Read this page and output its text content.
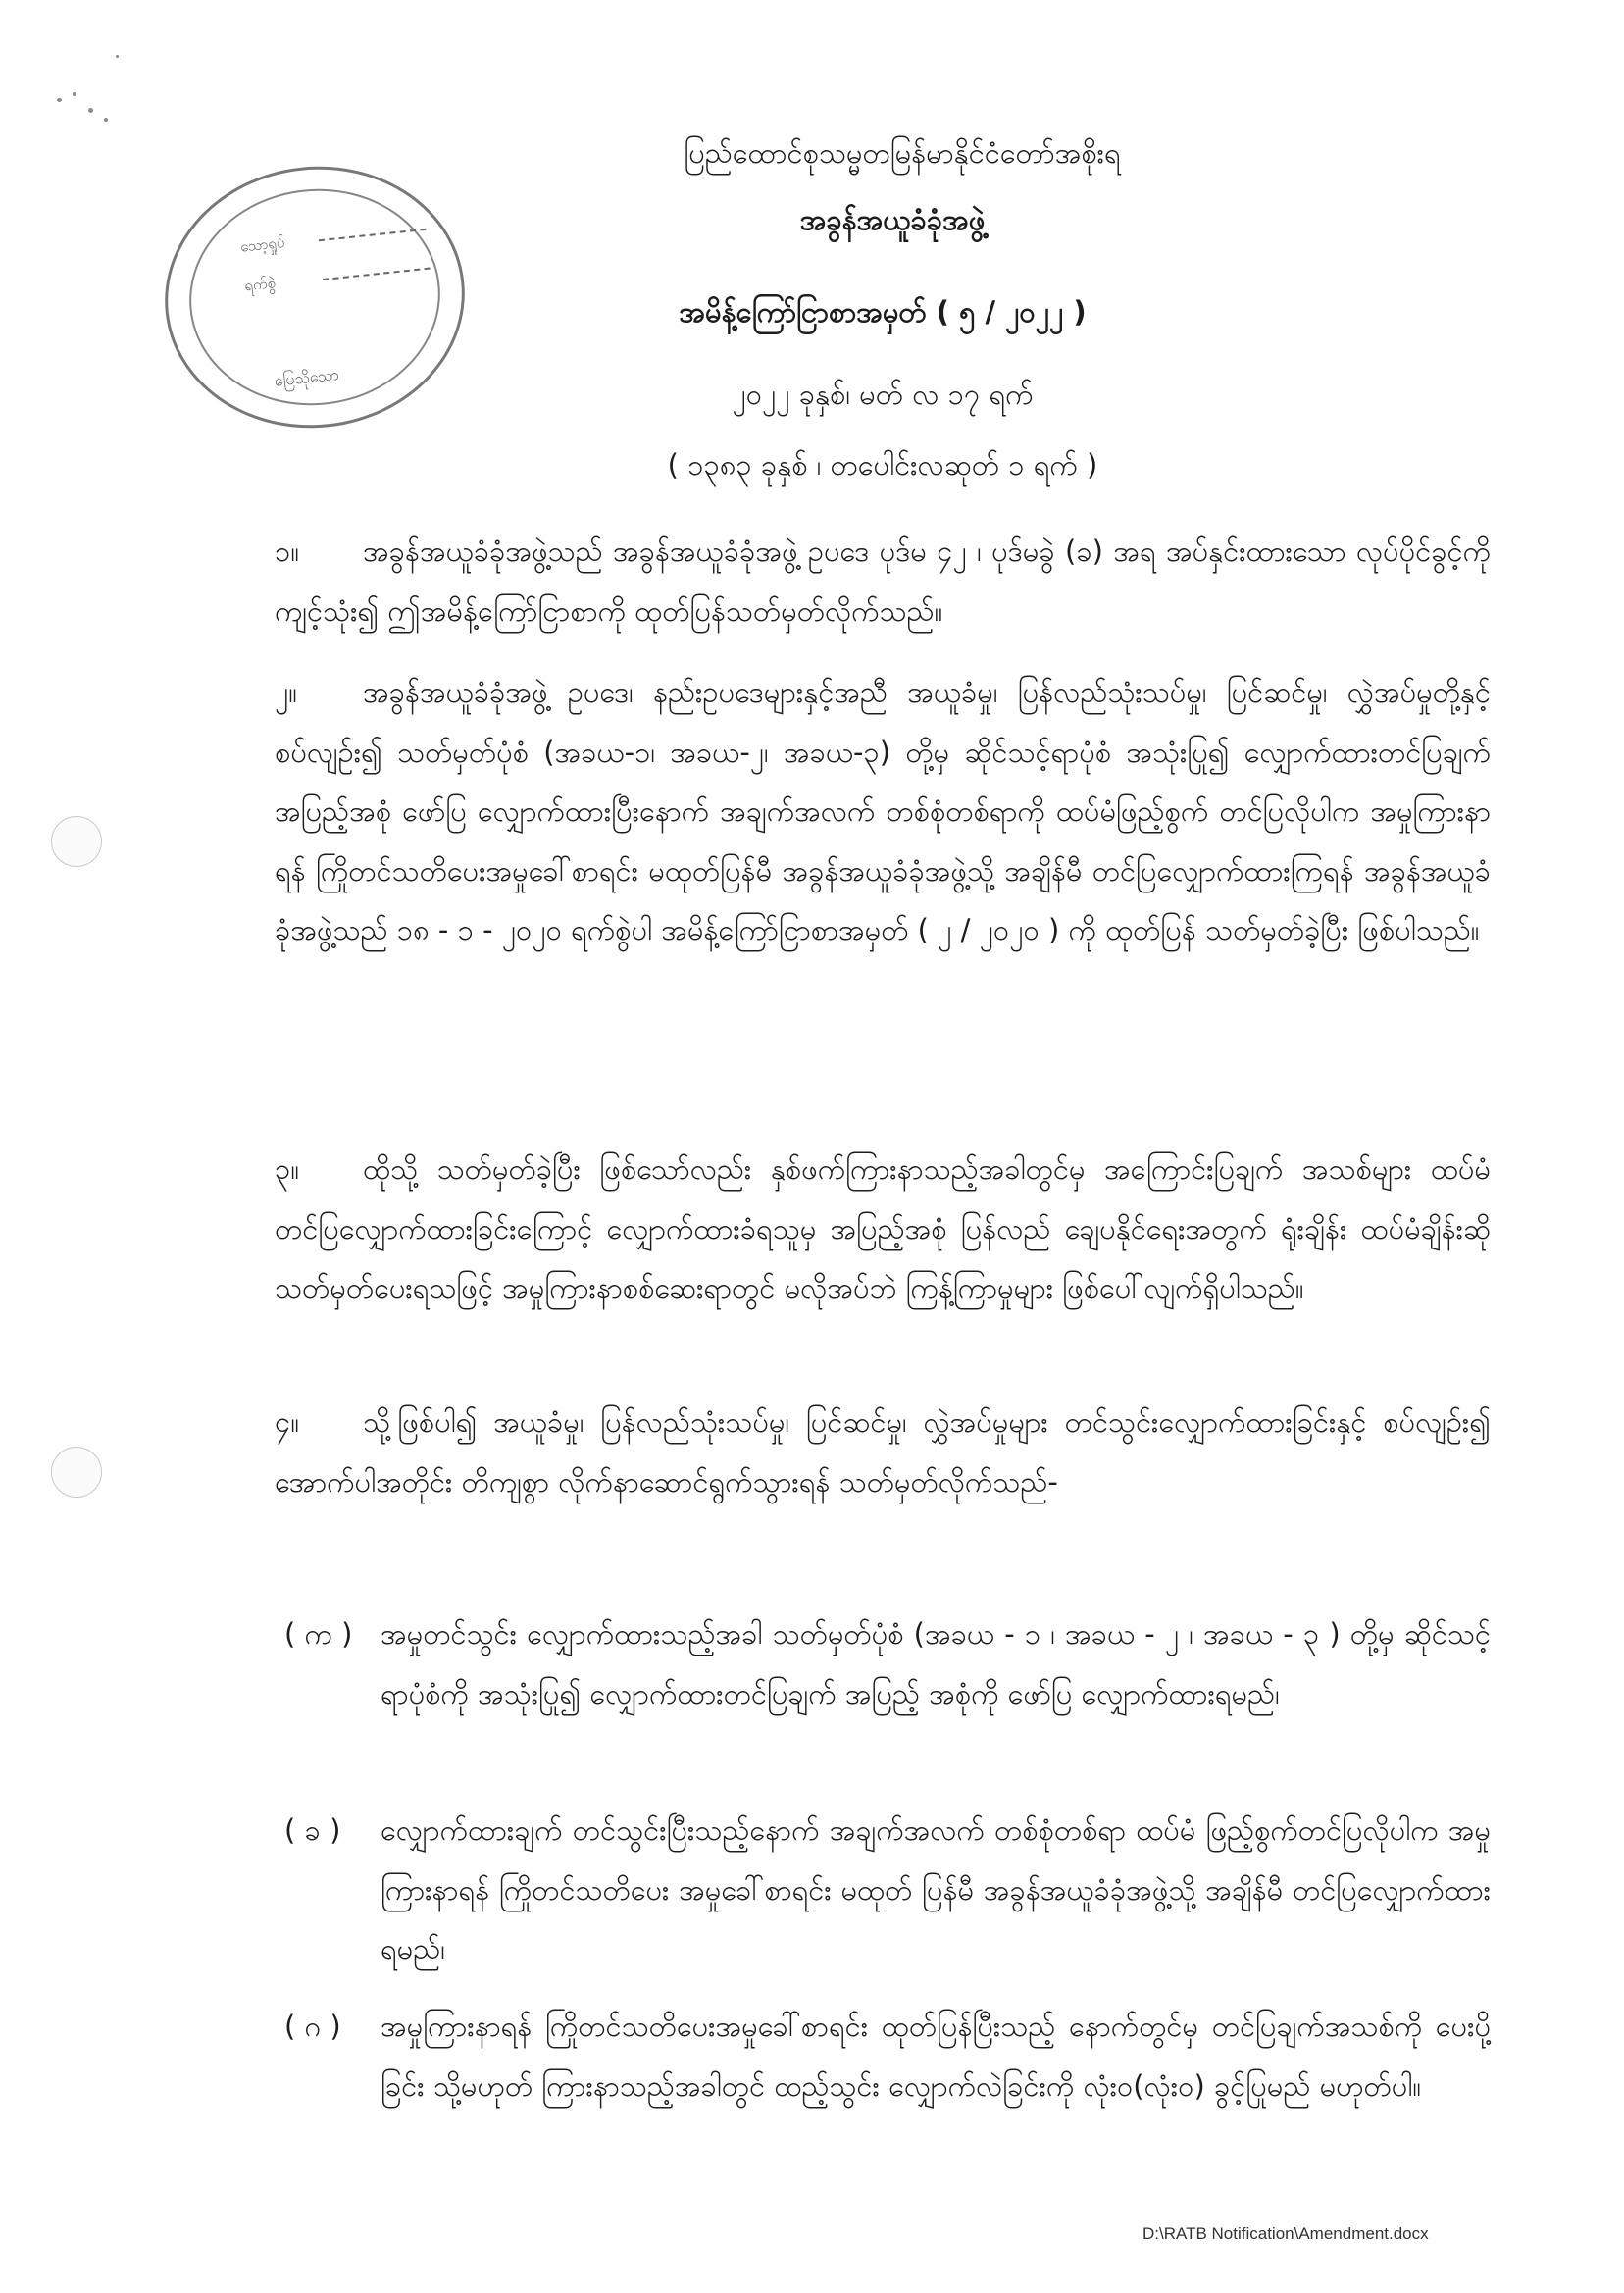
သော့ရှုပ်
ရက်စွဲ
မြေသိုသော
ပြည်ထောင်စုသမ္မတမြန်မာနိုင်ငံတော်အစိုးရ
အခွန်အယူခံခုံအဖွဲ့
အမိန့်ကြော်ငြာစာအမှတ် ( ၅ / ၂၀၂၂ )
၂၀၂၂ ခုနှစ်၊ မတ် လ ၁၇ ရက်
( ၁၃၈၃ ခုနှစ် ၊ တပေါင်းလဆုတ် ၁ ရက် )
၁။ အခွန်အယူခံခုံအဖွဲ့သည် အခွန်အယူခံခုံအဖွဲ့ ဥပဒေ ပုဒ်မ ၄၂ ၊ ပုဒ်မခွဲ (ခ) အရ အပ်နှင်းထားသော လုပ်ပိုင်ခွင့်ကို ကျင့်သုံး၍ ဤအမိန့်ကြော်ငြာစာကို ထုတ်ပြန်သတ်မှတ်လိုက်သည်။
၂။ အခွန်အယူခံခုံအဖွဲ့ ဥပဒေ၊ နည်းဥပဒေများနှင့်အညီ အယူခံမှု၊ ပြန်လည်သုံးသပ်မှု၊ ပြင်ဆင်မှု၊ လွှဲအပ်မှုတို့နှင့် စပ်လျဉ်း၍ သတ်မှတ်ပုံစံ (အခယ-၁၊ အခယ-၂၊ အခယ-၃) တို့မှ ဆိုင်သင့်ရာပုံစံ အသုံးပြု၍ လျှောက်ထားတင်ပြချက် အပြည့်အစုံ ဖော်ပြ လျှောက်ထားပြီးနောက် အချက်အလက် တစ်စုံတစ်ရာကို ထပ်မံဖြည့်စွက် တင်ပြလိုပါက အမှုကြားနာရန် ကြိုတင်သတိပေးအမှုခေါ်စာရင်း မထုတ်ပြန်မီ အခွန်အယူခံခုံအဖွဲ့သို့ အချိန်မီ တင်ပြလျှောက်ထားကြရန် အခွန်အယူခံခုံအဖွဲ့သည် ၁၈ - ၁ - ၂၀၂၀ ရက်စွဲပါ အမိန့်ကြော်ငြာစာအမှတ် ( ၂ / ၂၀၂၀ ) ကို ထုတ်ပြန် သတ်မှတ်ခဲ့ပြီး ဖြစ်ပါသည်။
၃။ ထိုသို့ သတ်မှတ်ခဲ့ပြီး ဖြစ်သော်လည်း နှစ်ဖက်ကြားနာသည့်အခါတွင်မှ အကြောင်းပြချက် အသစ်များ ထပ်မံ တင်ပြလျှောက်ထားခြင်းကြောင့် လျှောက်ထားခံရသူမှ အပြည့်အစုံ ပြန်လည် ချေပနိုင်ရေးအတွက် ရုံးချိန်း ထပ်မံချိန်းဆို သတ်မှတ်ပေးရသဖြင့် အမှုကြားနာစစ်ဆေးရာတွင် မလိုအပ်ဘဲ ကြန့်ကြာမှုများ ဖြစ်ပေါ်လျက်ရှိပါသည်။
၄။ သို့ဖြစ်ပါ၍ အယူခံမှု၊ ပြန်လည်သုံးသပ်မှု၊ ပြင်ဆင်မှု၊ လွှဲအပ်မှုများ တင်သွင်းလျှောက်ထားခြင်းနှင့် စပ်လျဉ်း၍ အောက်ပါအတိုင်း တိကျစွာ လိုက်နာဆောင်ရွက်သွားရန် သတ်မှတ်လိုက်သည်-
( က ) အမှုတင်သွင်း လျှောက်ထားသည့်အခါ သတ်မှတ်ပုံစံ (အခယ - ၁ ၊ အခယ - ၂ ၊ အခယ - ၃ ) တို့မှ ဆိုင်သင့်ရာပုံစံကို အသုံးပြု၍ လျှောက်ထားတင်ပြချက် အပြည့် အစုံကို ဖော်ပြ လျှောက်ထားရမည်၊
( ခ )	လျှောက်ထားချက် တင်သွင်းပြီးသည့်နောက် အချက်အလက် တစ်စုံတစ်ရာ ထပ်မံ ဖြည့်စွက်တင်ပြလိုပါက အမှုကြားနာရန် ကြိုတင်သတိပေး အမှုခေါ်စာရင်း မထုတ် ပြန်မီ အခွန်အယူခံခုံအဖွဲ့သို့ အချိန်မီ တင်ပြလျှောက်ထားရမည်၊
( ဂ )	အမှုကြားနာရန် ကြိုတင်သတိပေးအမှုခေါ်စာရင်း ထုတ်ပြန်ပြီးသည့် နောက်တွင်မှ တင်ပြချက်အသစ်ကို ပေးပို့ခြင်း သို့မဟုတ် ကြားနာသည့်အခါတွင် ထည့်သွင်း လျှောက်လဲခြင်းကို လုံးဝ(လုံးဝ) ခွင့်ပြုမည် မဟုတ်ပါ။
D:\RATB Notification\Amendment.docx
